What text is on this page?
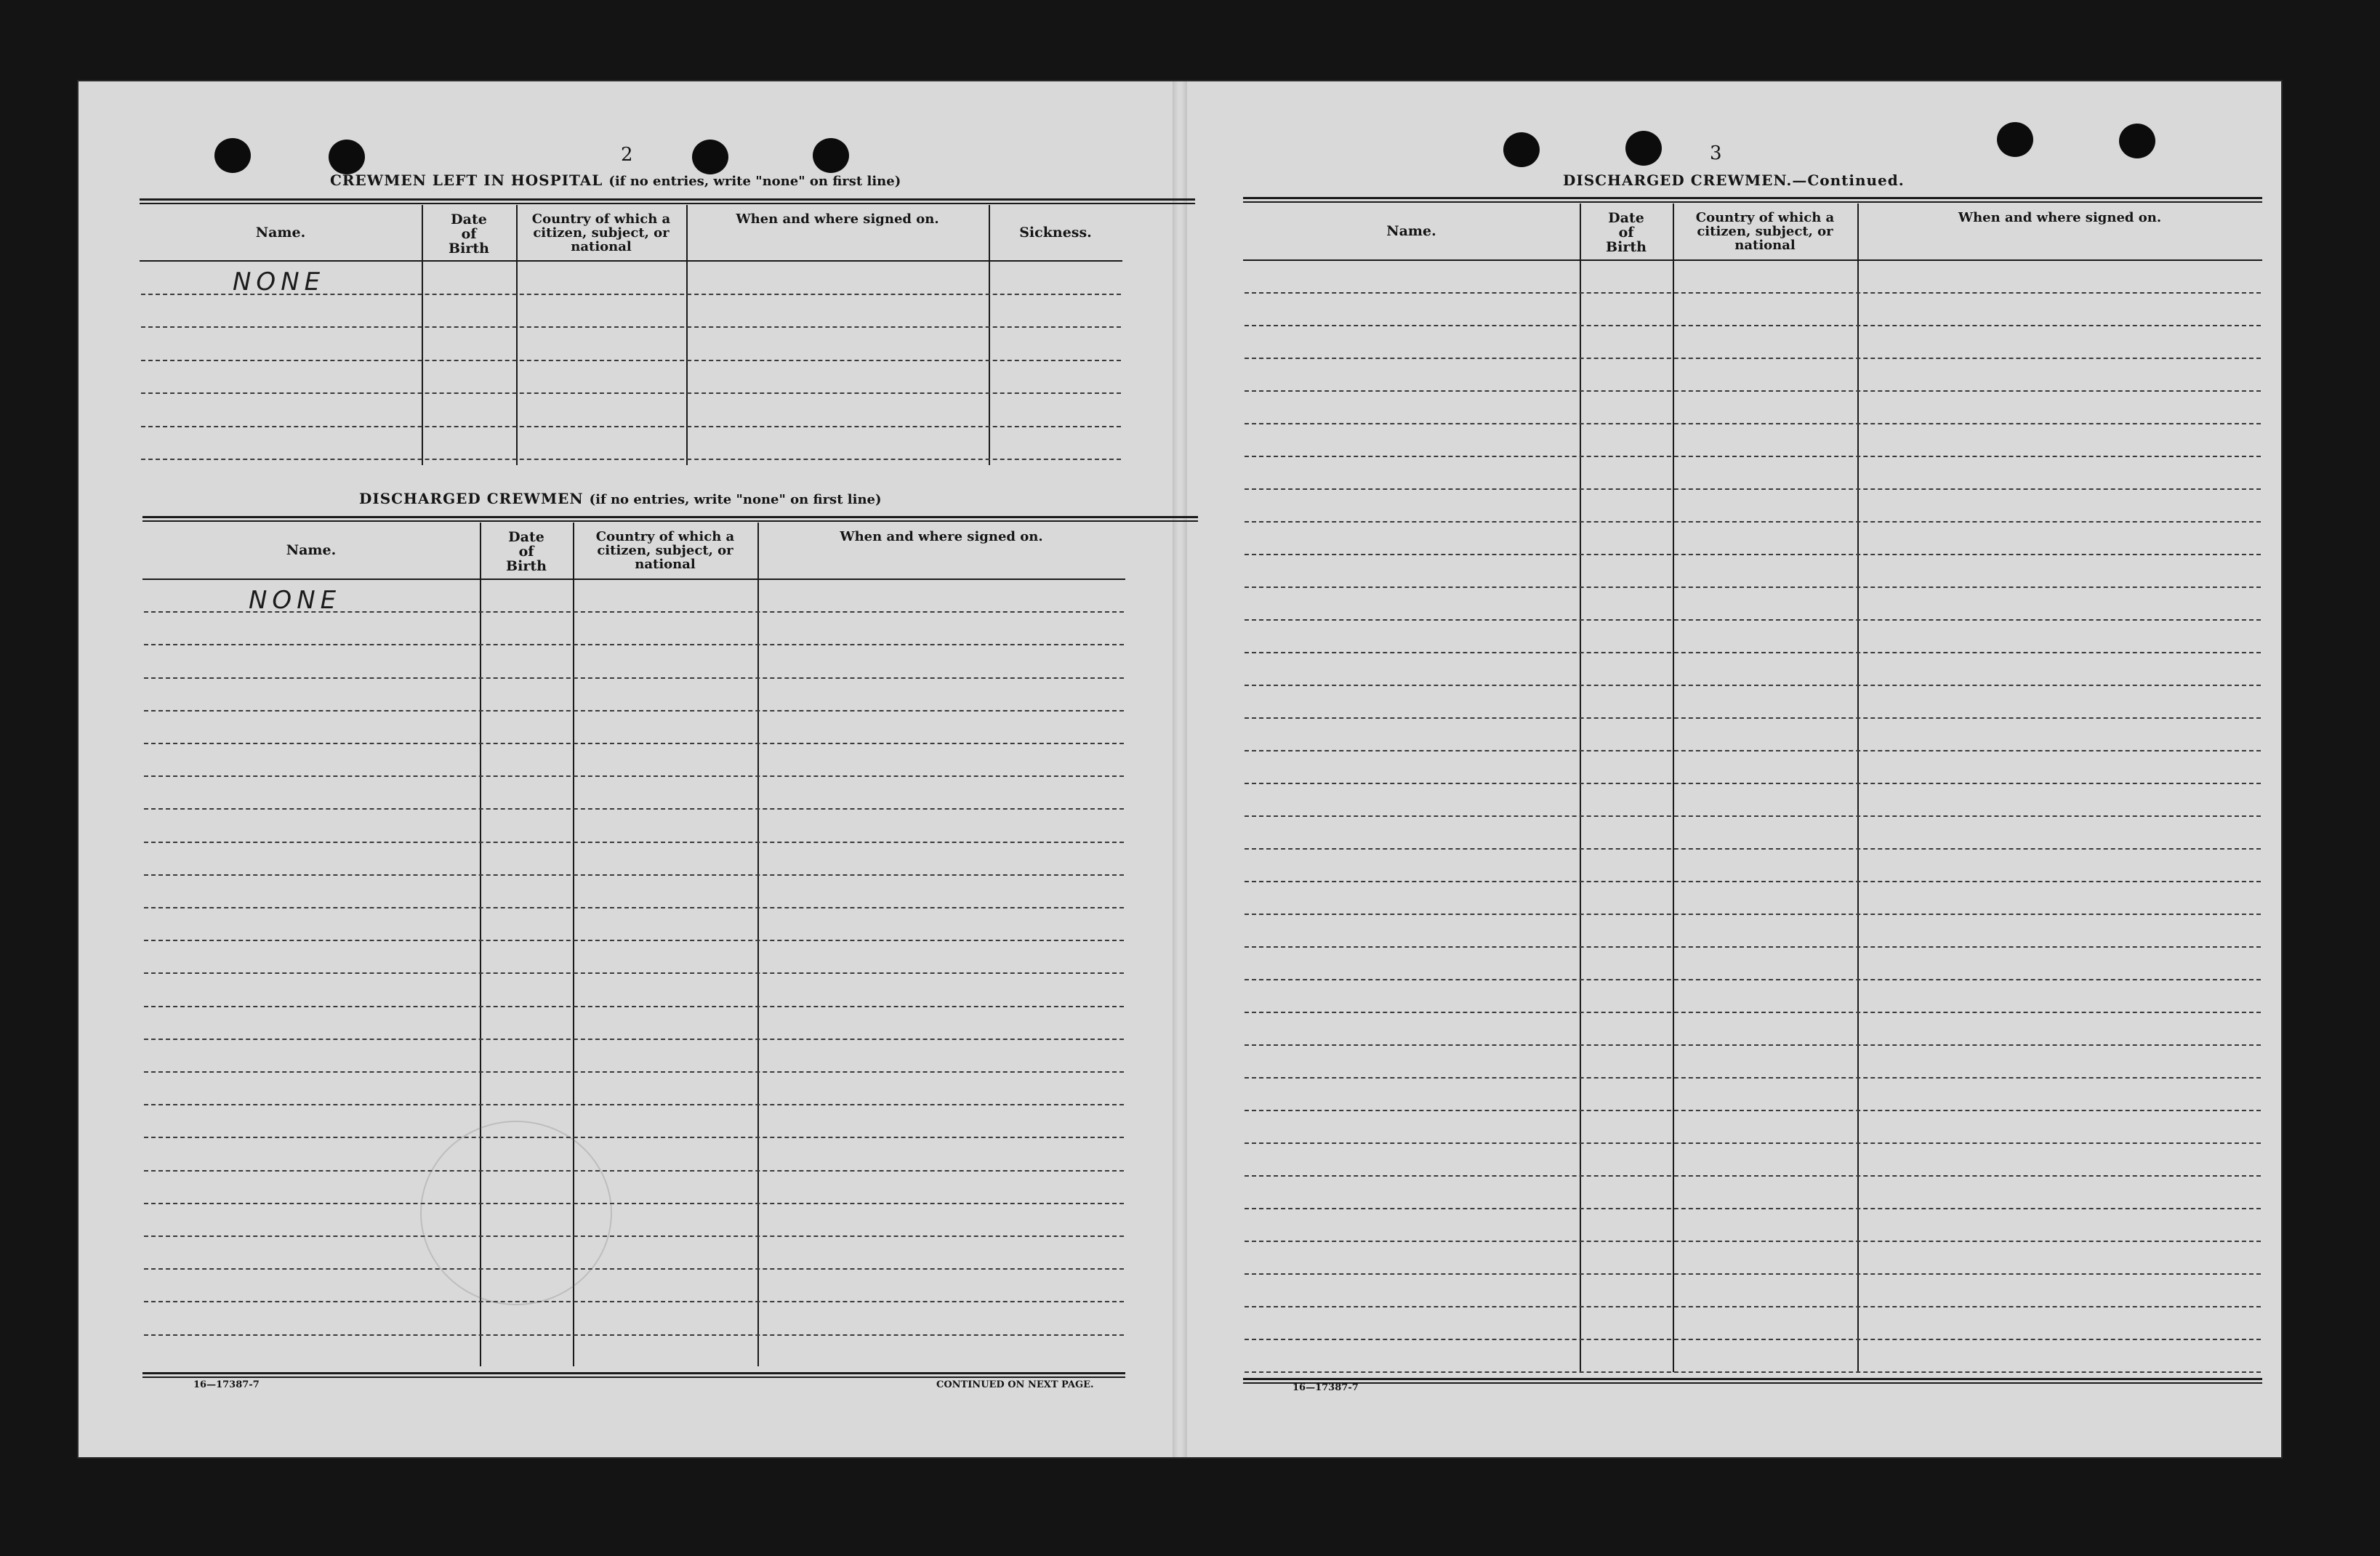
2
CREWMEN LEFT IN HOSPITAL (if no entries, write "none" on first line)
Name.
Date
of
Birth
Country of which a citizen, subject, or national
When and where signed on.
Sickness.
NONE
DISCHARGED CREWMEN (if no entries, write "none" on first line)
Name.
Date
of
Birth
Country of which a citizen, subject, or national
When and where signed on.
NONE
16—17387-7	CONTINUED ON NEXT PAGE.
3
DISCHARGED CREWMEN.—Continued.
Name.
Date
of
Birth
Country of which a citizen, subject, or national
When and where signed on.
16—17387-7
